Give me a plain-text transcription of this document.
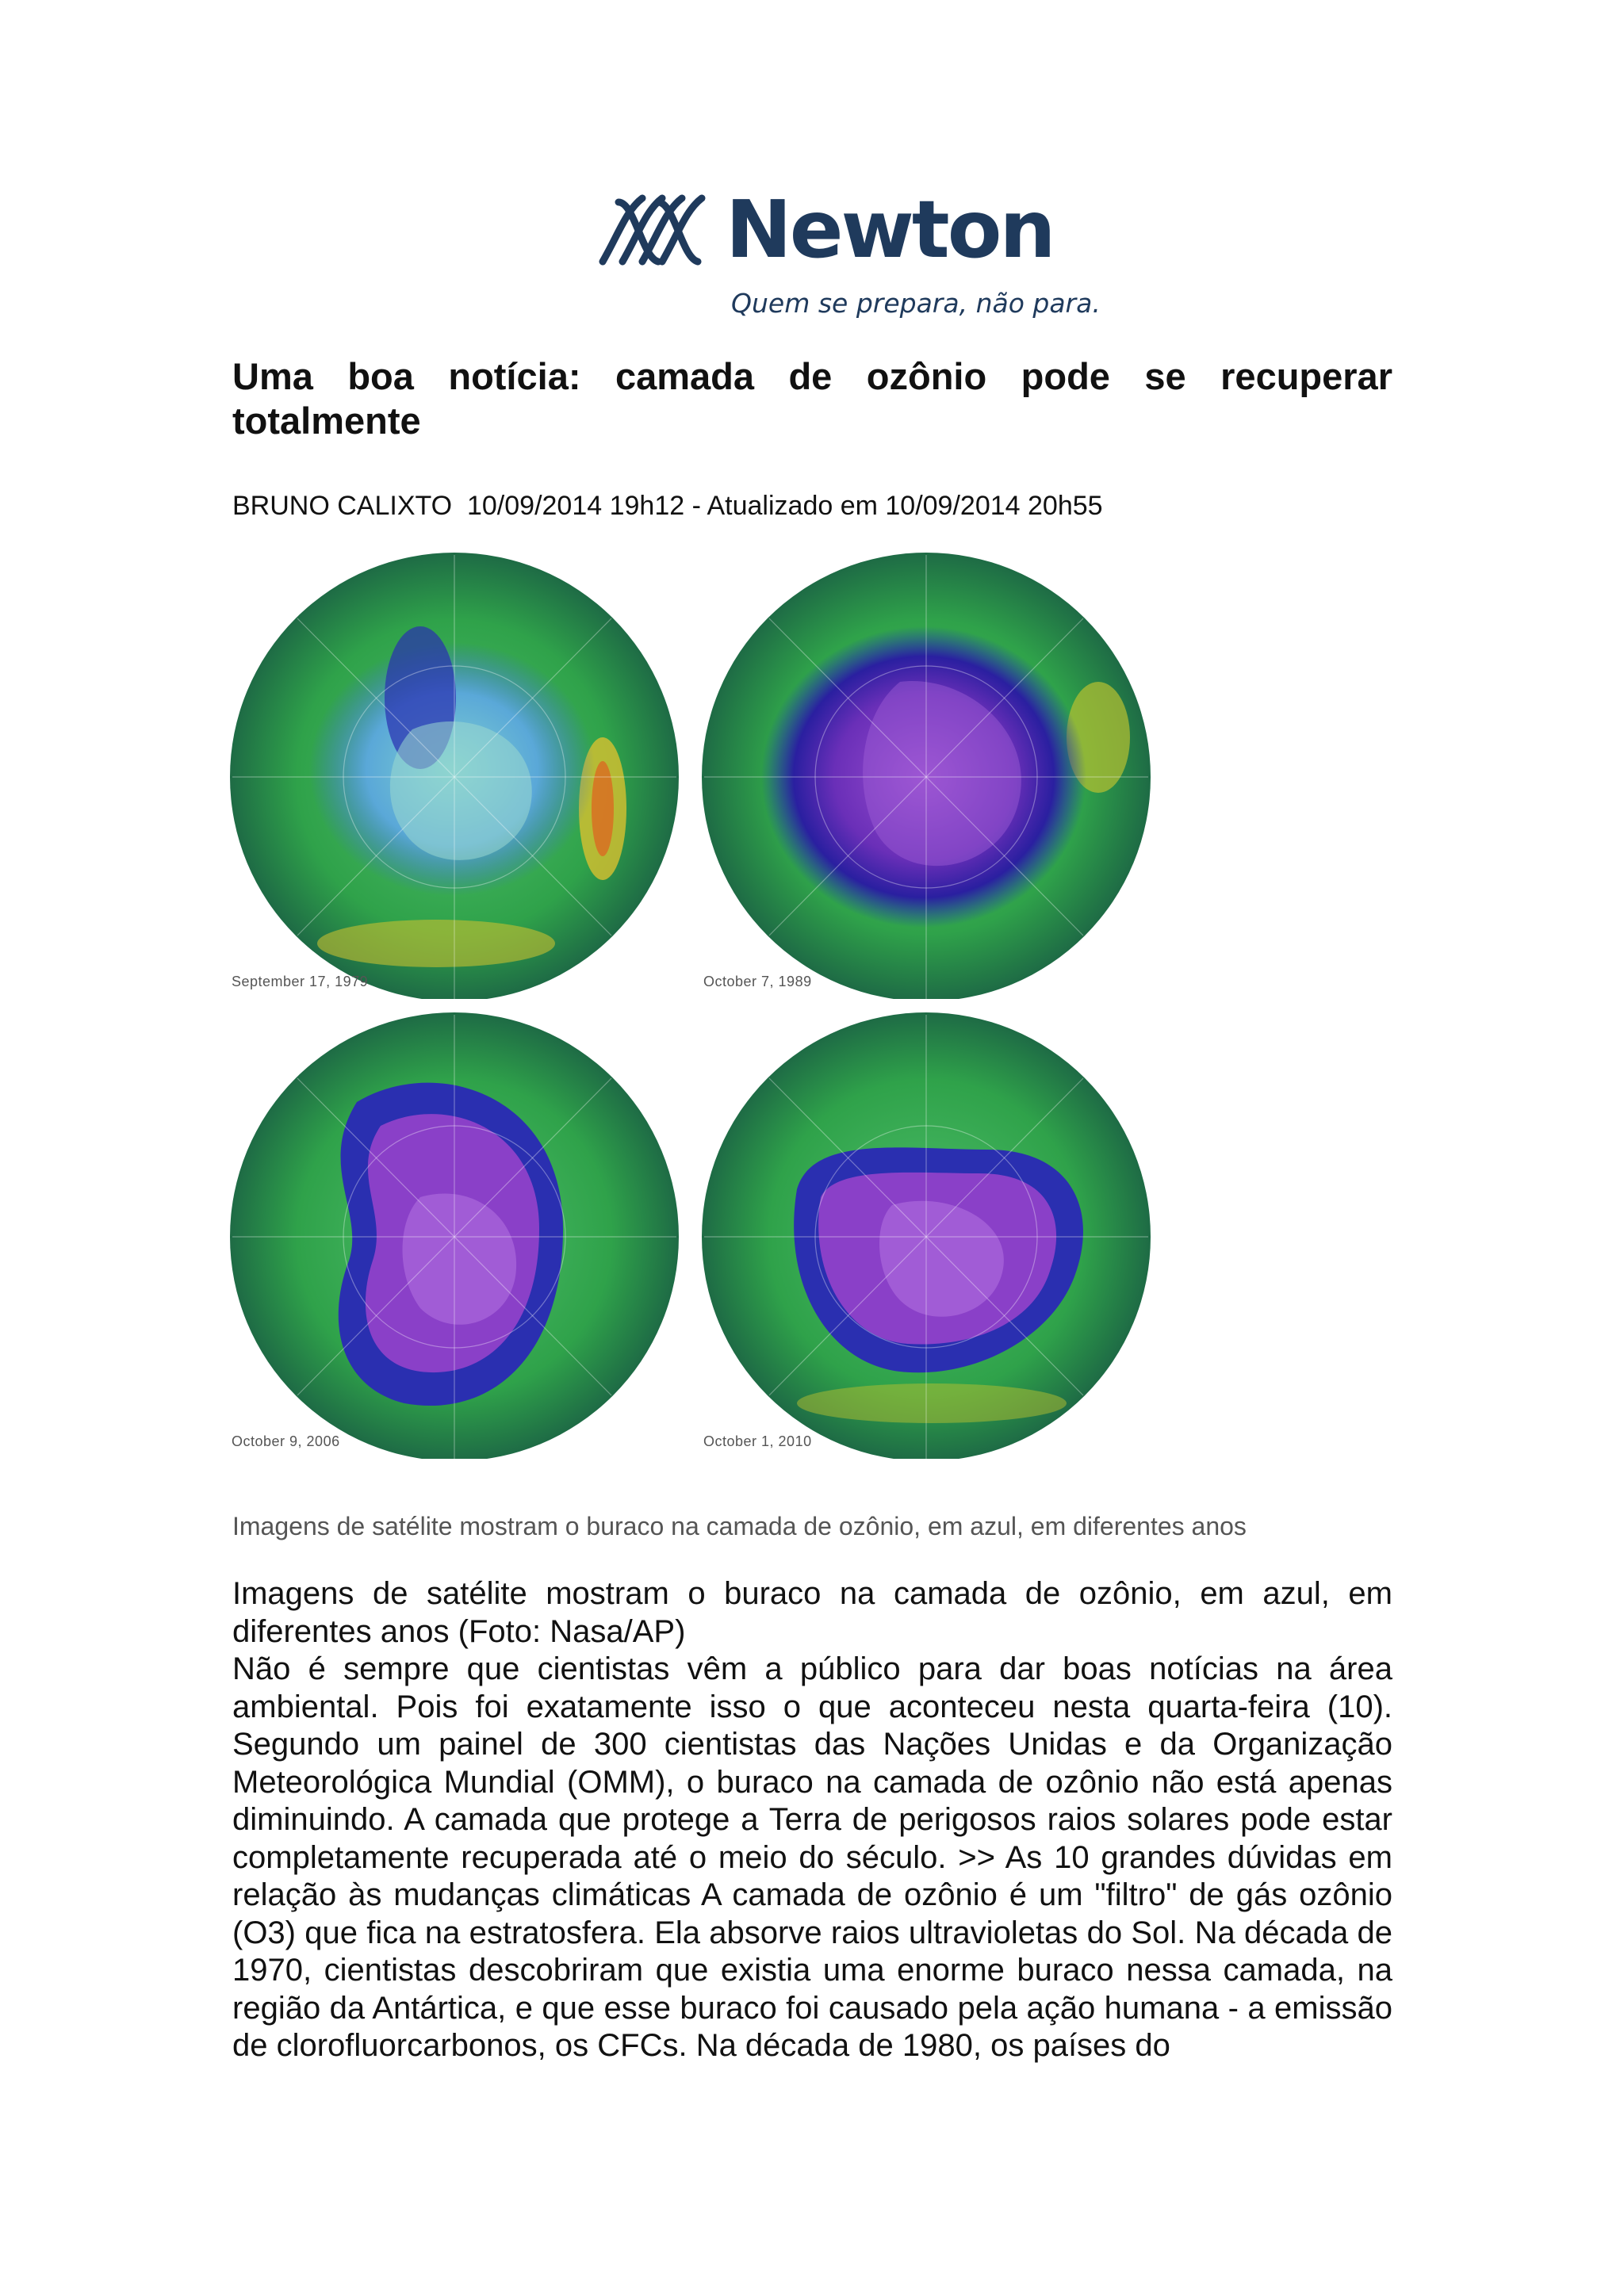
Newton
Quem se prepara, não para.
Uma boa notícia: camada de ozônio pode se recuperar totalmente
BRUNO CALIXTO  10/09/2014 19h12 - Atualizado em 10/09/2014 20h55
September 17, 1979	October 7, 1989
October 9, 2006	October 1, 2010
Imagens de satélite mostram o buraco na camada de ozônio, em azul, em diferentes anos

Imagens de satélite mostram o buraco na camada de ozônio, em azul, em diferentes anos (Foto: Nasa/AP)

Não é sempre que cientistas vêm a público para dar boas notícias na área ambiental. Pois foi exatamente isso o que aconteceu nesta quarta-feira (10). Segundo um painel de 300 cientistas das Nações Unidas e da Organização Meteorológica Mundial (OMM), o buraco na camada de ozônio não está apenas diminuindo. A camada que protege a Terra de perigosos raios solares pode estar completamente recuperada até o meio do século. >> As 10 grandes dúvidas em relação às mudanças climáticas A camada de ozônio é um "filtro" de gás ozônio (O3) que fica na estratosfera. Ela absorve raios ultravioletas do Sol. Na década de 1970, cientistas descobriram que existia uma enorme buraco nessa camada, na região da Antártica, e que esse buraco foi causado pela ação humana - a emissão de clorofluorcarbonos, os CFCs. Na década de 1980, os países do
